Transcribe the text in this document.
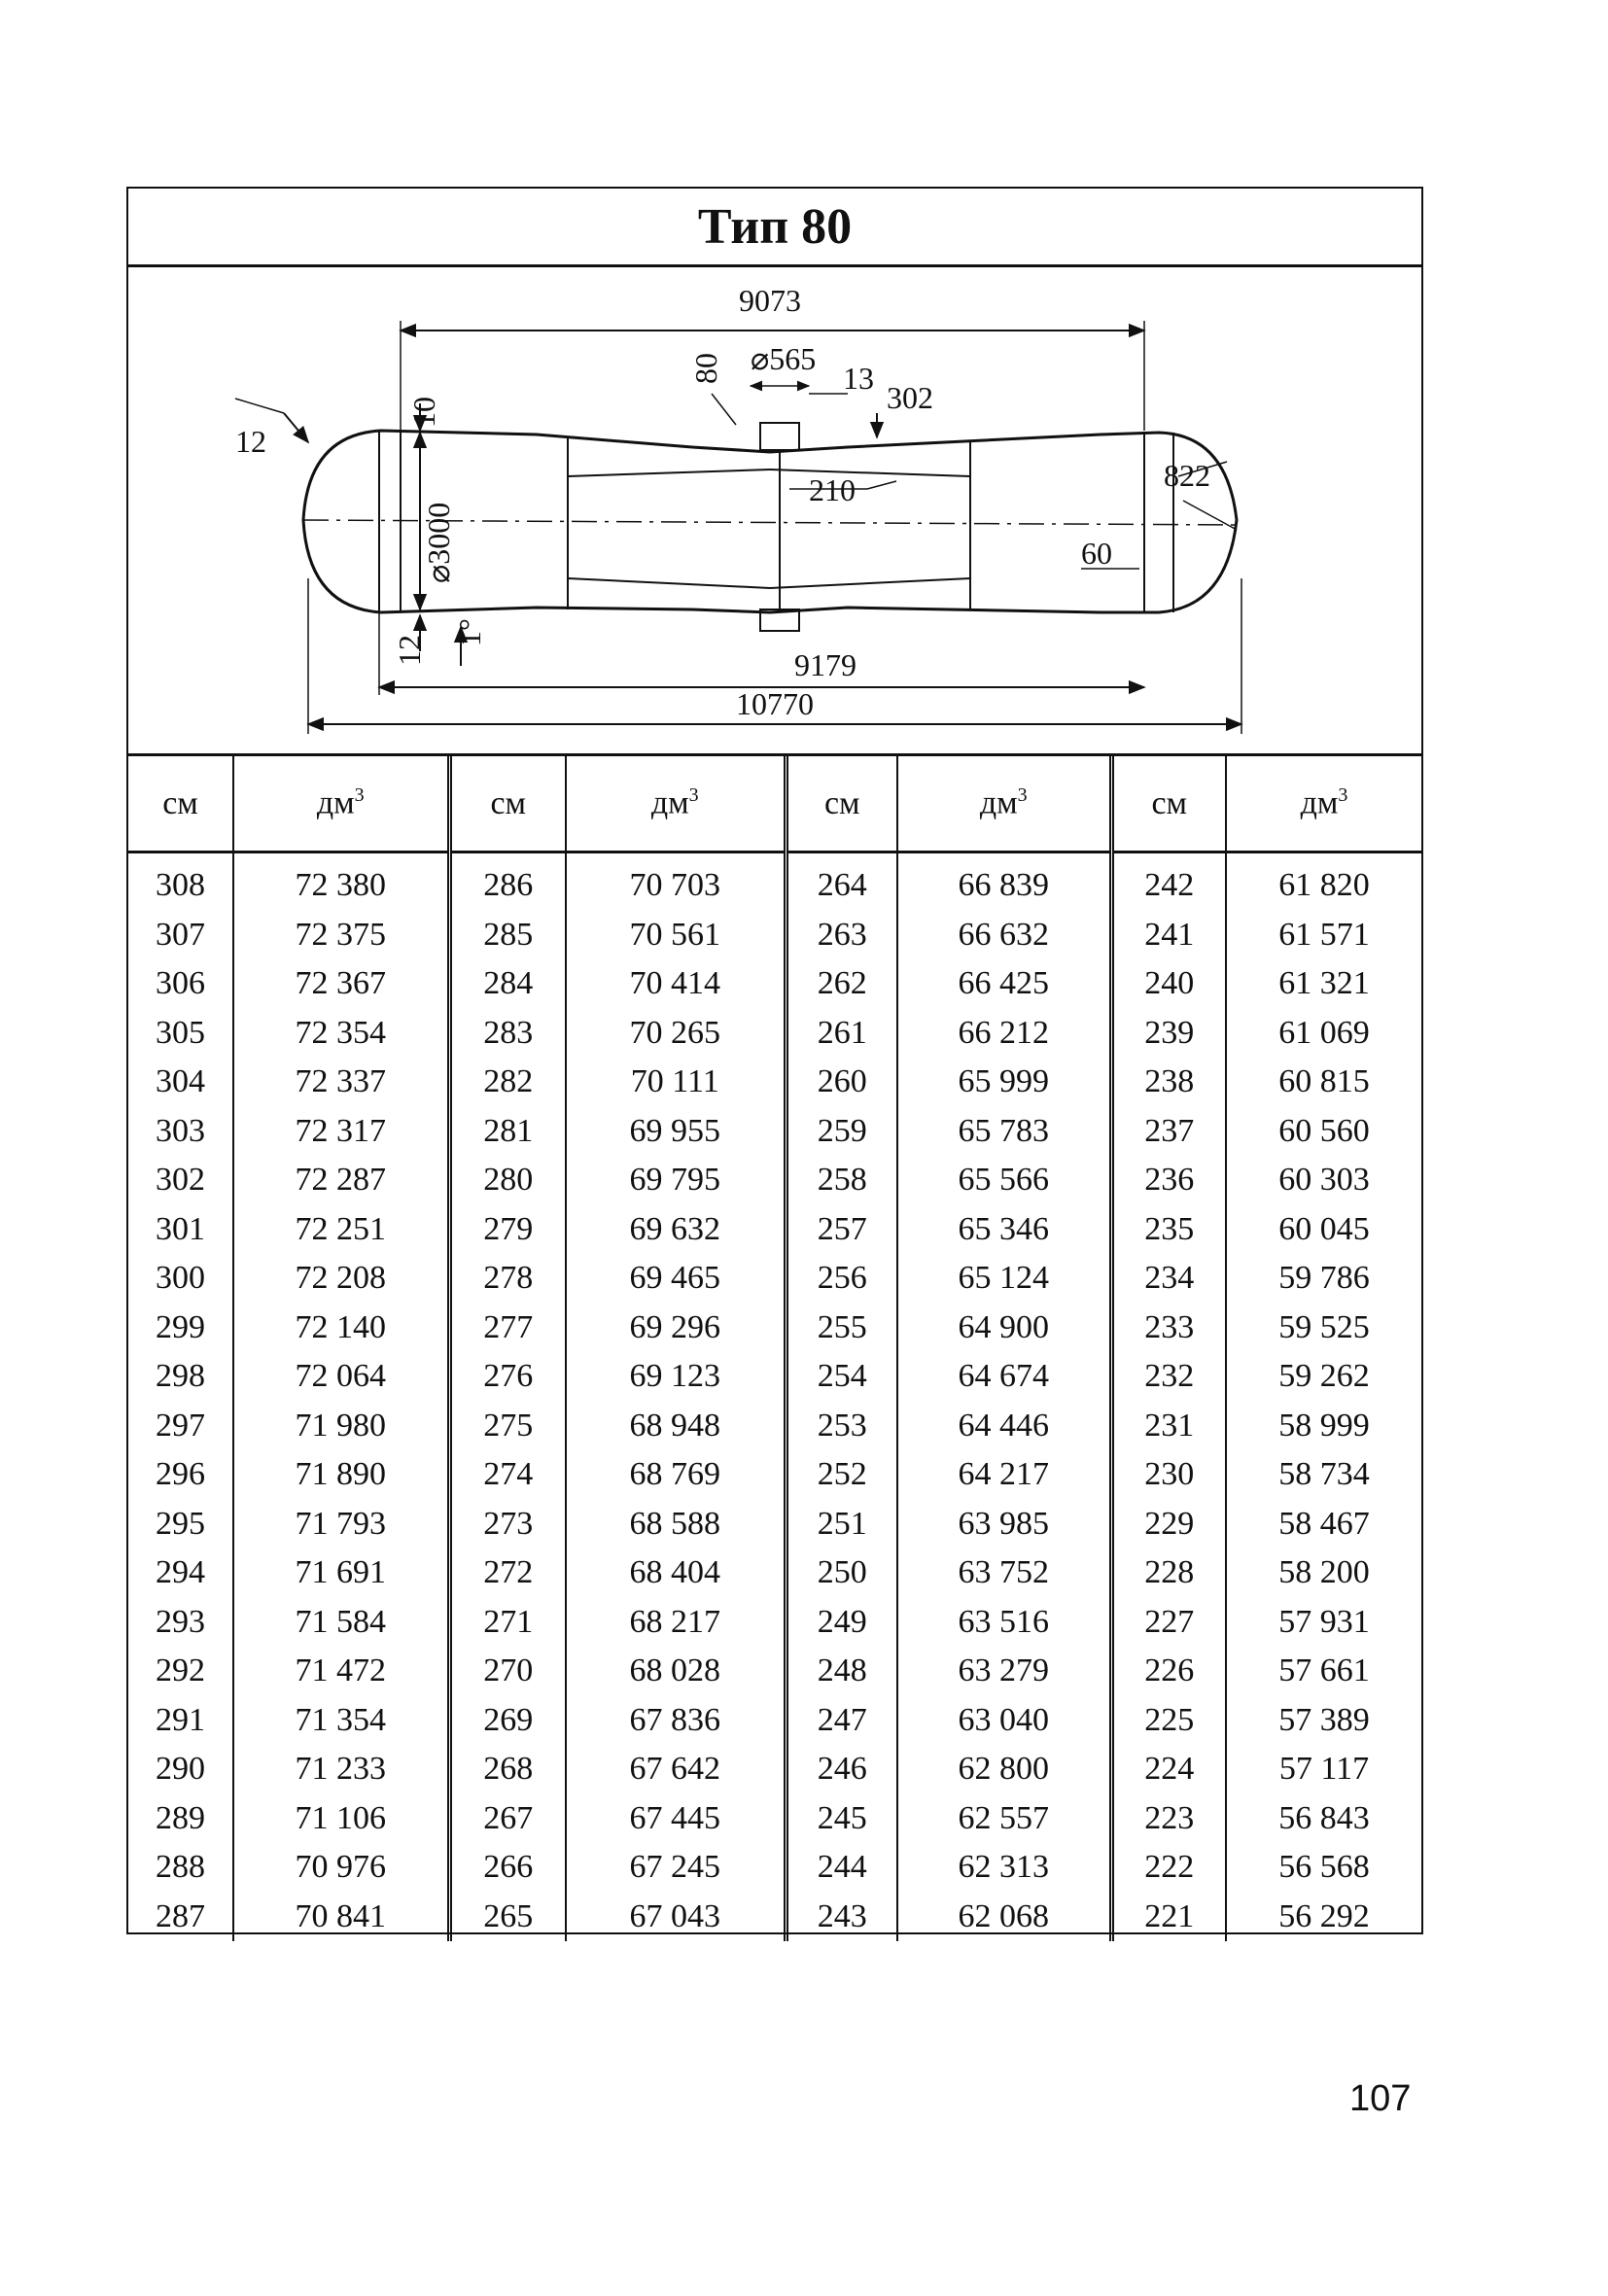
Тип 80
9073
⌀565
13
302
80
10
12
⌀3000
210	822
60
12
1°
9179
10770
см	$дм^3$	см	$дм^3$	см	$дм^3$	см	$дм^3$
308	72 380	286	70 703	264	66 839	242	61 820
307	72 375	285	70 561	263	66 632	241	61 571
306	72 367	284	70 414	262	66 425	240	61 321
305	72 354	283	70 265	261	66 212	239	61 069
304	72 337	282	70 111	260	65 999	238	60 815
303	72 317	281	69 955	259	65 783	237	60 560
302	72 287	280	69 795	258	65 566	236	60 303
301	72 251	279	69 632	257	65 346	235	60 045
300	72 208	278	69 465	256	65 124	234	59 786
299	72 140	277	69 296	255	64 900	233	59 525
298	72 064	276	69 123	254	64 674	232	59 262
297	71 980	275	68 948	253	64 446	231	58 999
296	71 890	274	68 769	252	64 217	230	58 734
295	71 793	273	68 588	251	63 985	229	58 467
294	71 691	272	68 404	250	63 752	228	58 200
293	71 584	271	68 217	249	63 516	227	57 931
292	71 472	270	68 028	248	63 279	226	57 661
291	71 354	269	67 836	247	63 040	225	57 389
290	71 233	268	67 642	246	62 800	224	57 117
289	71 106	267	67 445	245	62 557	223	56 843
288	70 976	266	67 245	244	62 313	222	56 568
287	70 841	265	67 043	243	62 068	221	56 292
107
